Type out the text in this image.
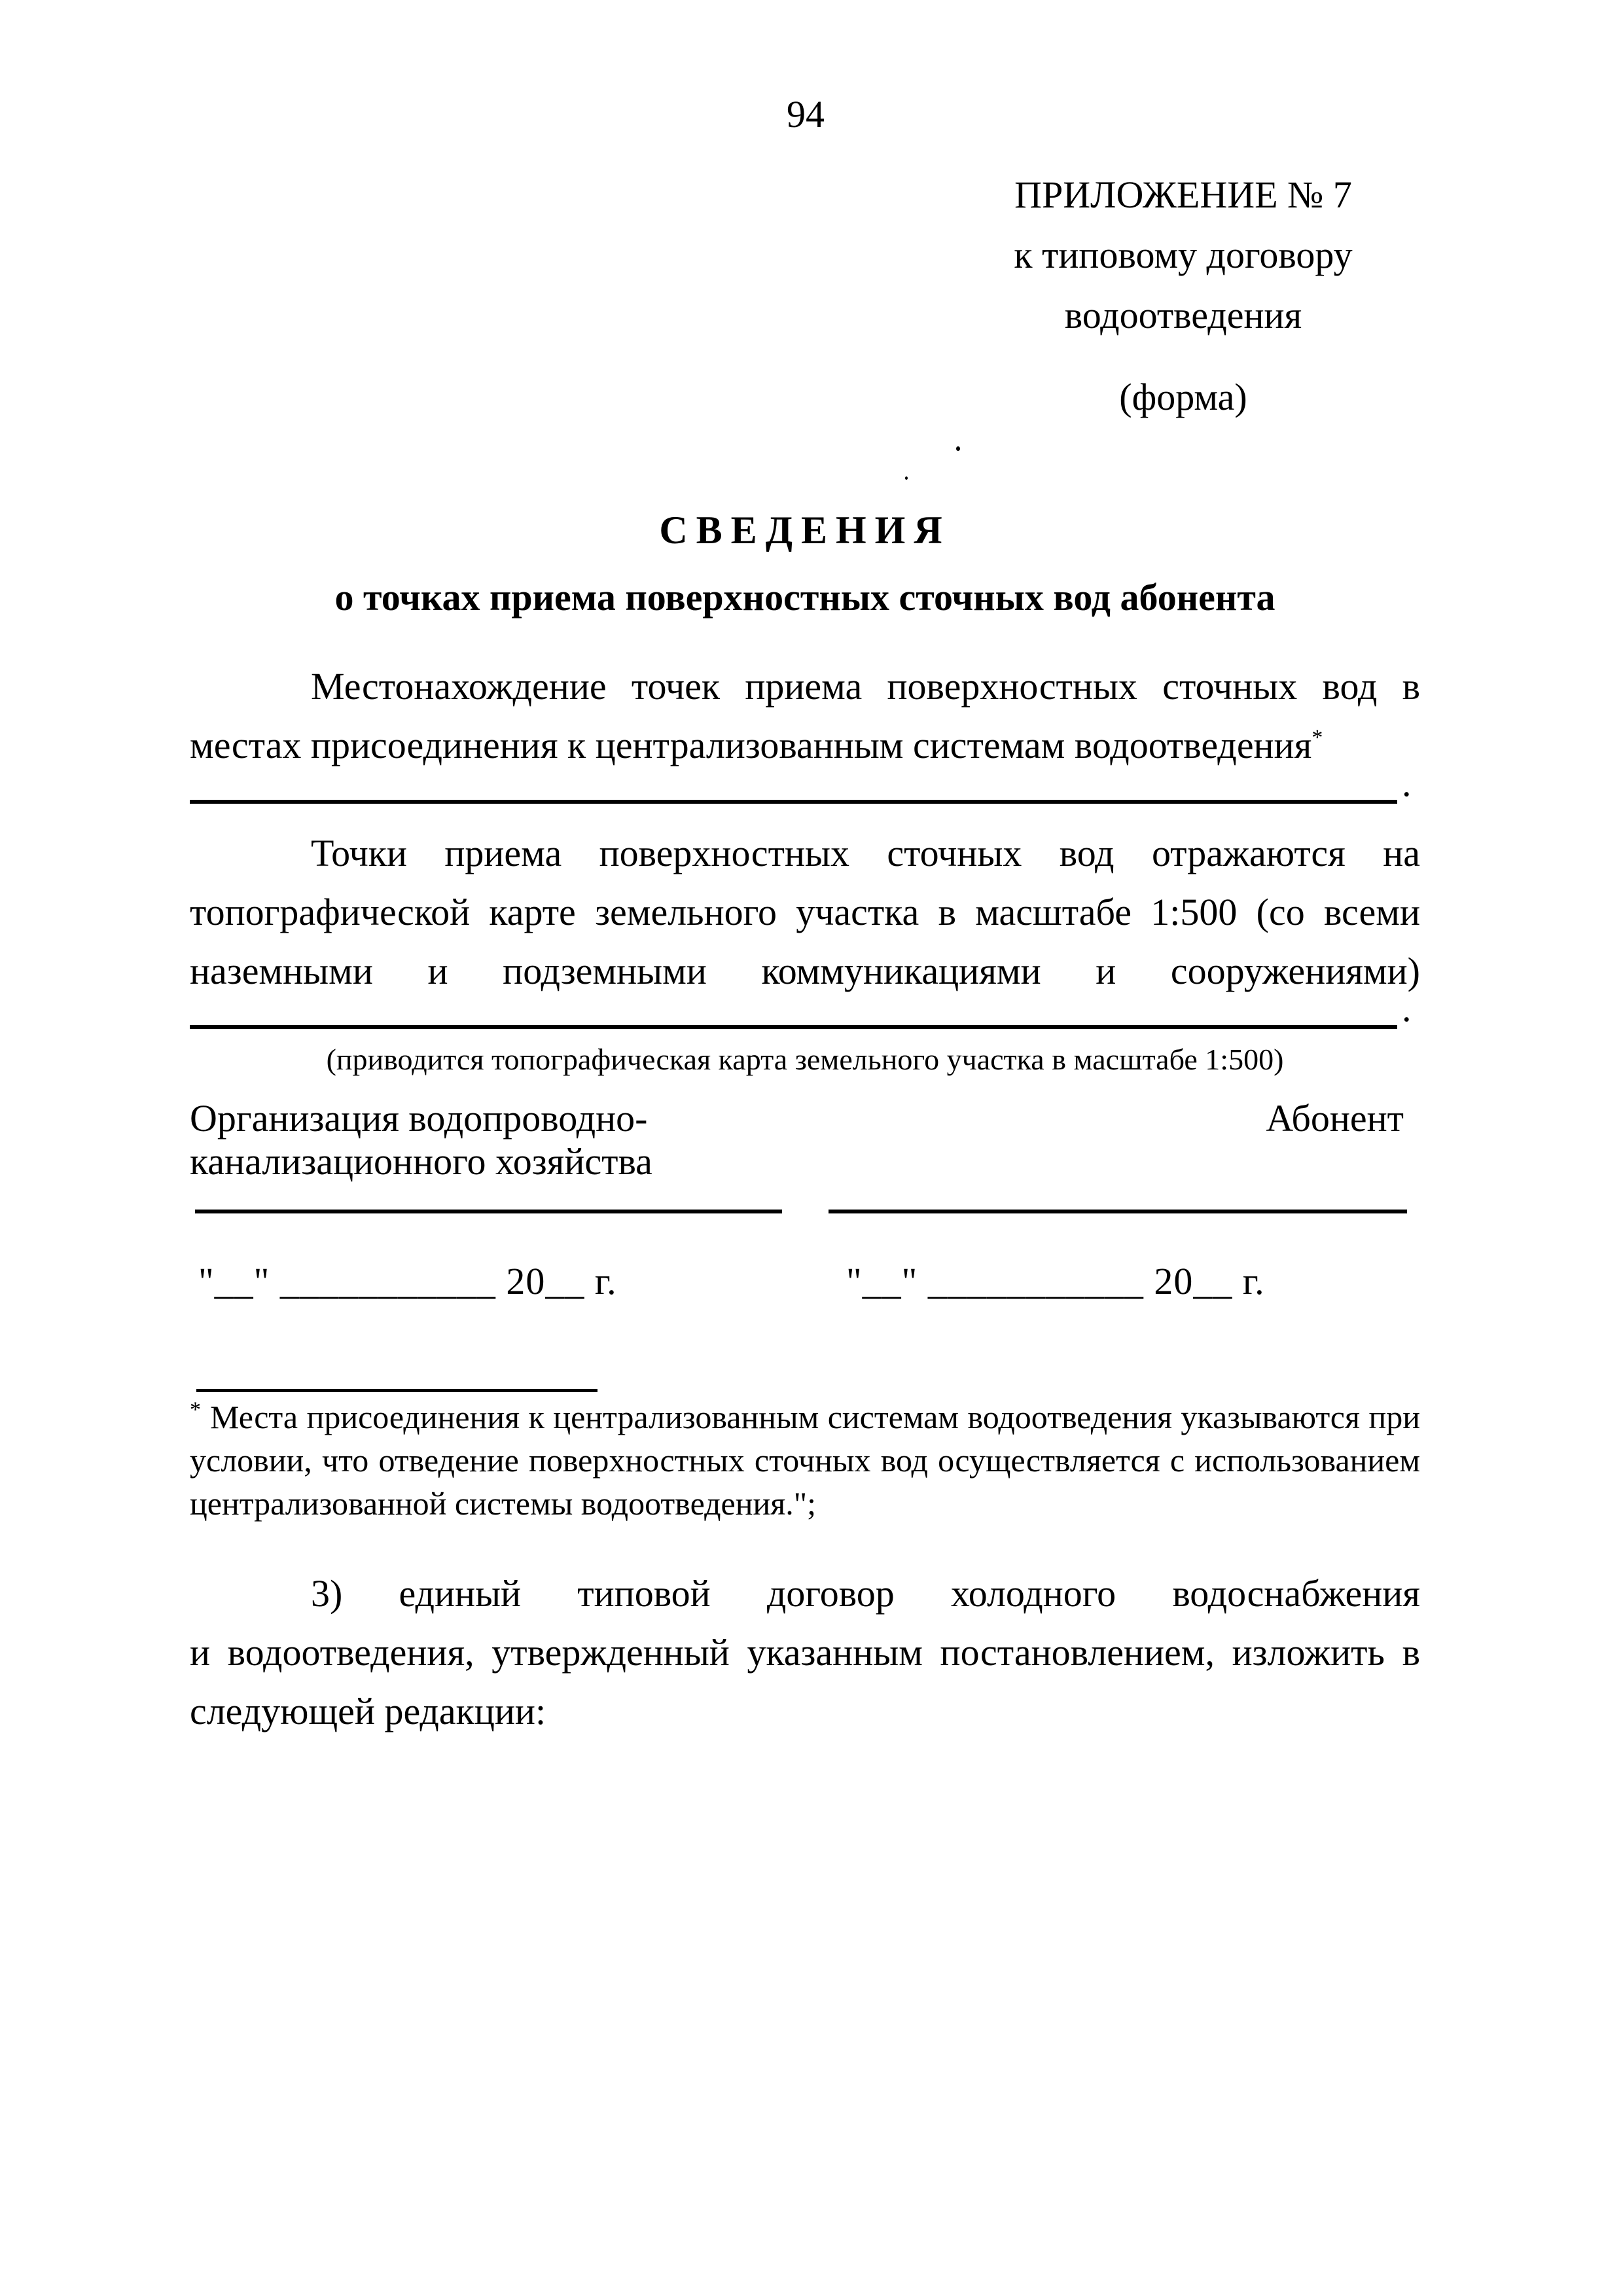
94
ПРИЛОЖЕНИЕ № 7
к типовому договору
водоотведения
(форма)
СВЕДЕНИЯ
о точках приема поверхностных сточных вод абонента
Местонахождение точек приема поверхностных сточных вод в
местах присоединения к централизованным системам водоотведения*
.
Точки приема поверхностных сточных вод отражаются на
топографической карте земельного участка в масштабе 1:500 (со всеми
наземными и подземными коммуникациями и сооружениями)
.
(приводится топографическая карта земельного участка в масштабе 1:500)
Организация водопроводно-
канализационного хозяйства
Абонент
"__" ___________ 20__ г.	"__" ___________ 20__ г.
* Места присоединения к централизованным системам водоотведения указываются при
условии, что отведение поверхностных сточных вод осуществляется с использованием
централизованной системы водоотведения.";
3) единый типовой договор холодного водоснабжения
и водоотведения, утвержденный указанным постановлением, изложить в
следующей редакции:
